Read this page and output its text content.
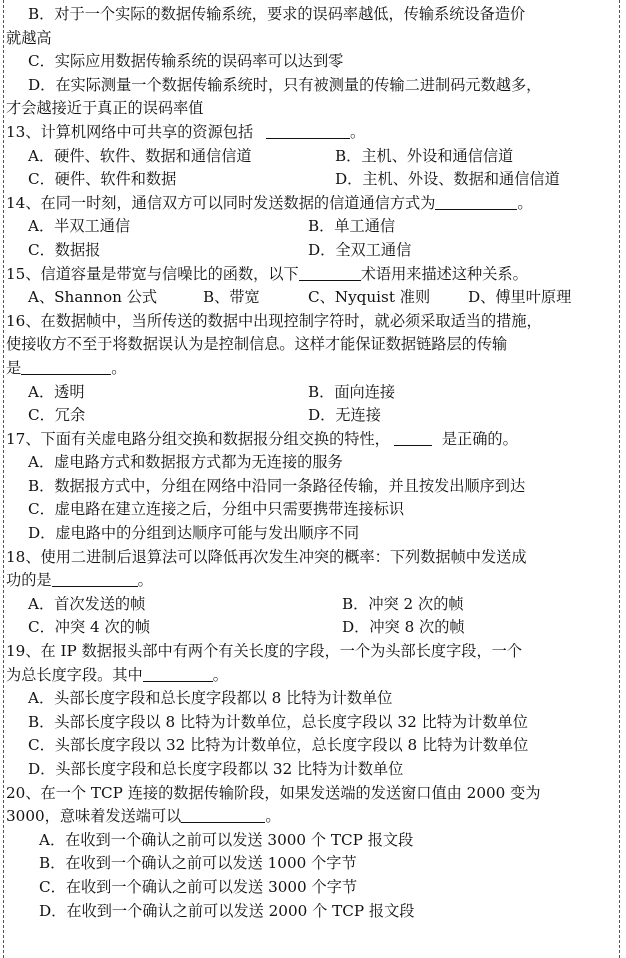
B．对于一个实际的数据传输系统，要求的误码率越低，传输系统设备造价
就越高
C．实际应用数据传输系统的误码率可以达到零
D．在实际测量一个数据传输系统时，只有被测量的传输二进制码元数越多，
才会越接近于真正的误码率值
13、计算机网络中可共享的资源包括	。
A．硬件、软件、数据和通信信道	B．主机、外设和通信信道
C．硬件、软件和数据	D．主机、外设、数据和通信信道
14、在同一时刻，通信双方可以同时发送数据的信道通信方式为	。
A．半双工通信	B．单工通信
C．数据报	D．全双工通信
15、信道容量是带宽与信噪比的函数，以下	术语用来描述这种关系。
A、Shannon 公式	B、带宽	C、Nyquist 准则 D、傅里叶原理
16、在数据帧中，当所传送的数据中出现控制字符时，就必须采取适当的措施，
使接收方不至于将数据误认为是控制信息。这样才能保证数据链路层的传输
是	。
A．透明	B．面向连接
C．冗余	D．无连接
17、下面有关虚电路分组交换和数据报分组交换的特性，	是正确的。
A．虚电路方式和数据报方式都为无连接的服务
B．数据报方式中，分组在网络中沿同一条路径传输，并且按发出顺序到达
C．虚电路在建立连接之后，分组中只需要携带连接标识
D．虚电路中的分组到达顺序可能与发出顺序不同
18、使用二进制后退算法可以降低再次发生冲突的概率：下列数据帧中发送成
功的是	。
A．首次发送的帧	B．冲突 2 次的帧
C．冲突 4 次的帧	D．冲突 8 次的帧
19、在 IP 数据报头部中有两个有关长度的字段，一个为头部长度字段，一个
为总长度字段。其中	。
A．头部长度字段和总长度字段都以 8 比特为计数单位
B．头部长度字段以 8 比特为计数单位，总长度字段以 32 比特为计数单位
C．头部长度字段以 32 比特为计数单位，总长度字段以 8 比特为计数单位
D．头部长度字段和总长度字段都以 32 比特为计数单位
20、在一个 TCP 连接的数据传输阶段，如果发送端的发送窗口值由 2000 变为
3000，意味着发送端可以	。
A．在收到一个确认之前可以发送 3000 个 TCP 报文段
B．在收到一个确认之前可以发送 1000 个字节
C．在收到一个确认之前可以发送 3000 个字节
D．在收到一个确认之前可以发送 2000 个 TCP 报文段
